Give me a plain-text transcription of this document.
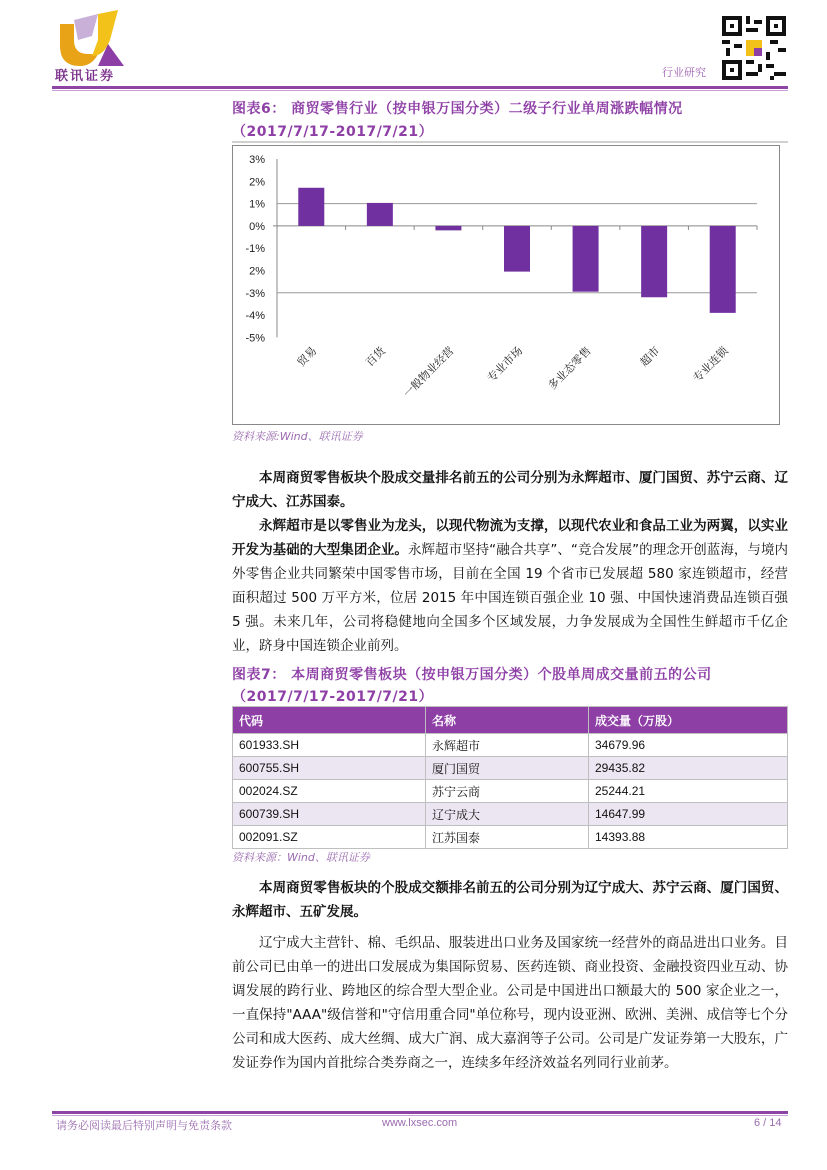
联讯证券	行业研究
图表6： 商贸零售行业（按申银万国分类）二级子行业单周涨跌幅情况
（2017/7/17-2017/7/21）
3%
2%
1%
0%
-1%
2%
-3%
-4%
-5%
贸易	百货 一般物业经营	专业市场 多业态零售	超市	专业连锁
资料来源:Wind、联讯证券

本周商贸零售板块个股成交量排名前五的公司分别为永辉超市、厦门国贸、苏宁云商、辽宁成大、江苏国泰。

永辉超市是以零售业为龙头，以现代物流为支撑，以现代农业和食品工业为两翼，以实业开发为基础的大型集团企业。永辉超市坚持“融合共享”、“竞合发展”的理念开创蓝海，与境内外零售企业共同繁荣中国零售市场，目前在全国 19 个省市已发展超 580 家连锁超市，经营面积超过 500 万平方米，位居 2015 年中国连锁百强企业 10 强、中国快速消费品连锁百强 5 强。未来几年，公司将稳健地向全国多个区域发展，力争发展成为全国性生鲜超市千亿企业，跻身中国连锁企业前列。

图表7： 本周商贸零售板块（按申银万国分类）个股单周成交量前五的公司
（2017/7/17-2017/7/21）
代码	名称	成交量（万股）
601933.SH	永辉超市	34679.96
600755.SH	厦门国贸	29435.82
002024.SZ	苏宁云商	25244.21
600739.SH	辽宁成大	14647.99
002091.SZ	江苏国泰	14393.88
资料来源：Wind、联讯证券

本周商贸零售板块的个股成交额排名前五的公司分别为辽宁成大、苏宁云商、厦门国贸、永辉超市、五矿发展。

辽宁成大主营针、棉、毛织品、服装进出口业务及国家统一经营外的商品进出口业务。目前公司已由单一的进出口发展成为集国际贸易、医药连锁、商业投资、金融投资四业互动、协调发展的跨行业、跨地区的综合型大型企业。公司是中国进出口额最大的 500 家企业之一，一直保持"AAA"级信誉和"守信用重合同"单位称号，现内设亚洲、欧洲、美洲、成信等七个分公司和成大医药、成大丝绸、成大广润、成大嘉润等子公司。公司是广发证券第一大股东，广发证券作为国内首批综合类券商之一，连续多年经济效益名列同行业前茅。

请务必阅读最后特别声明与免责条款	www.lxsec.com	6 / 14
